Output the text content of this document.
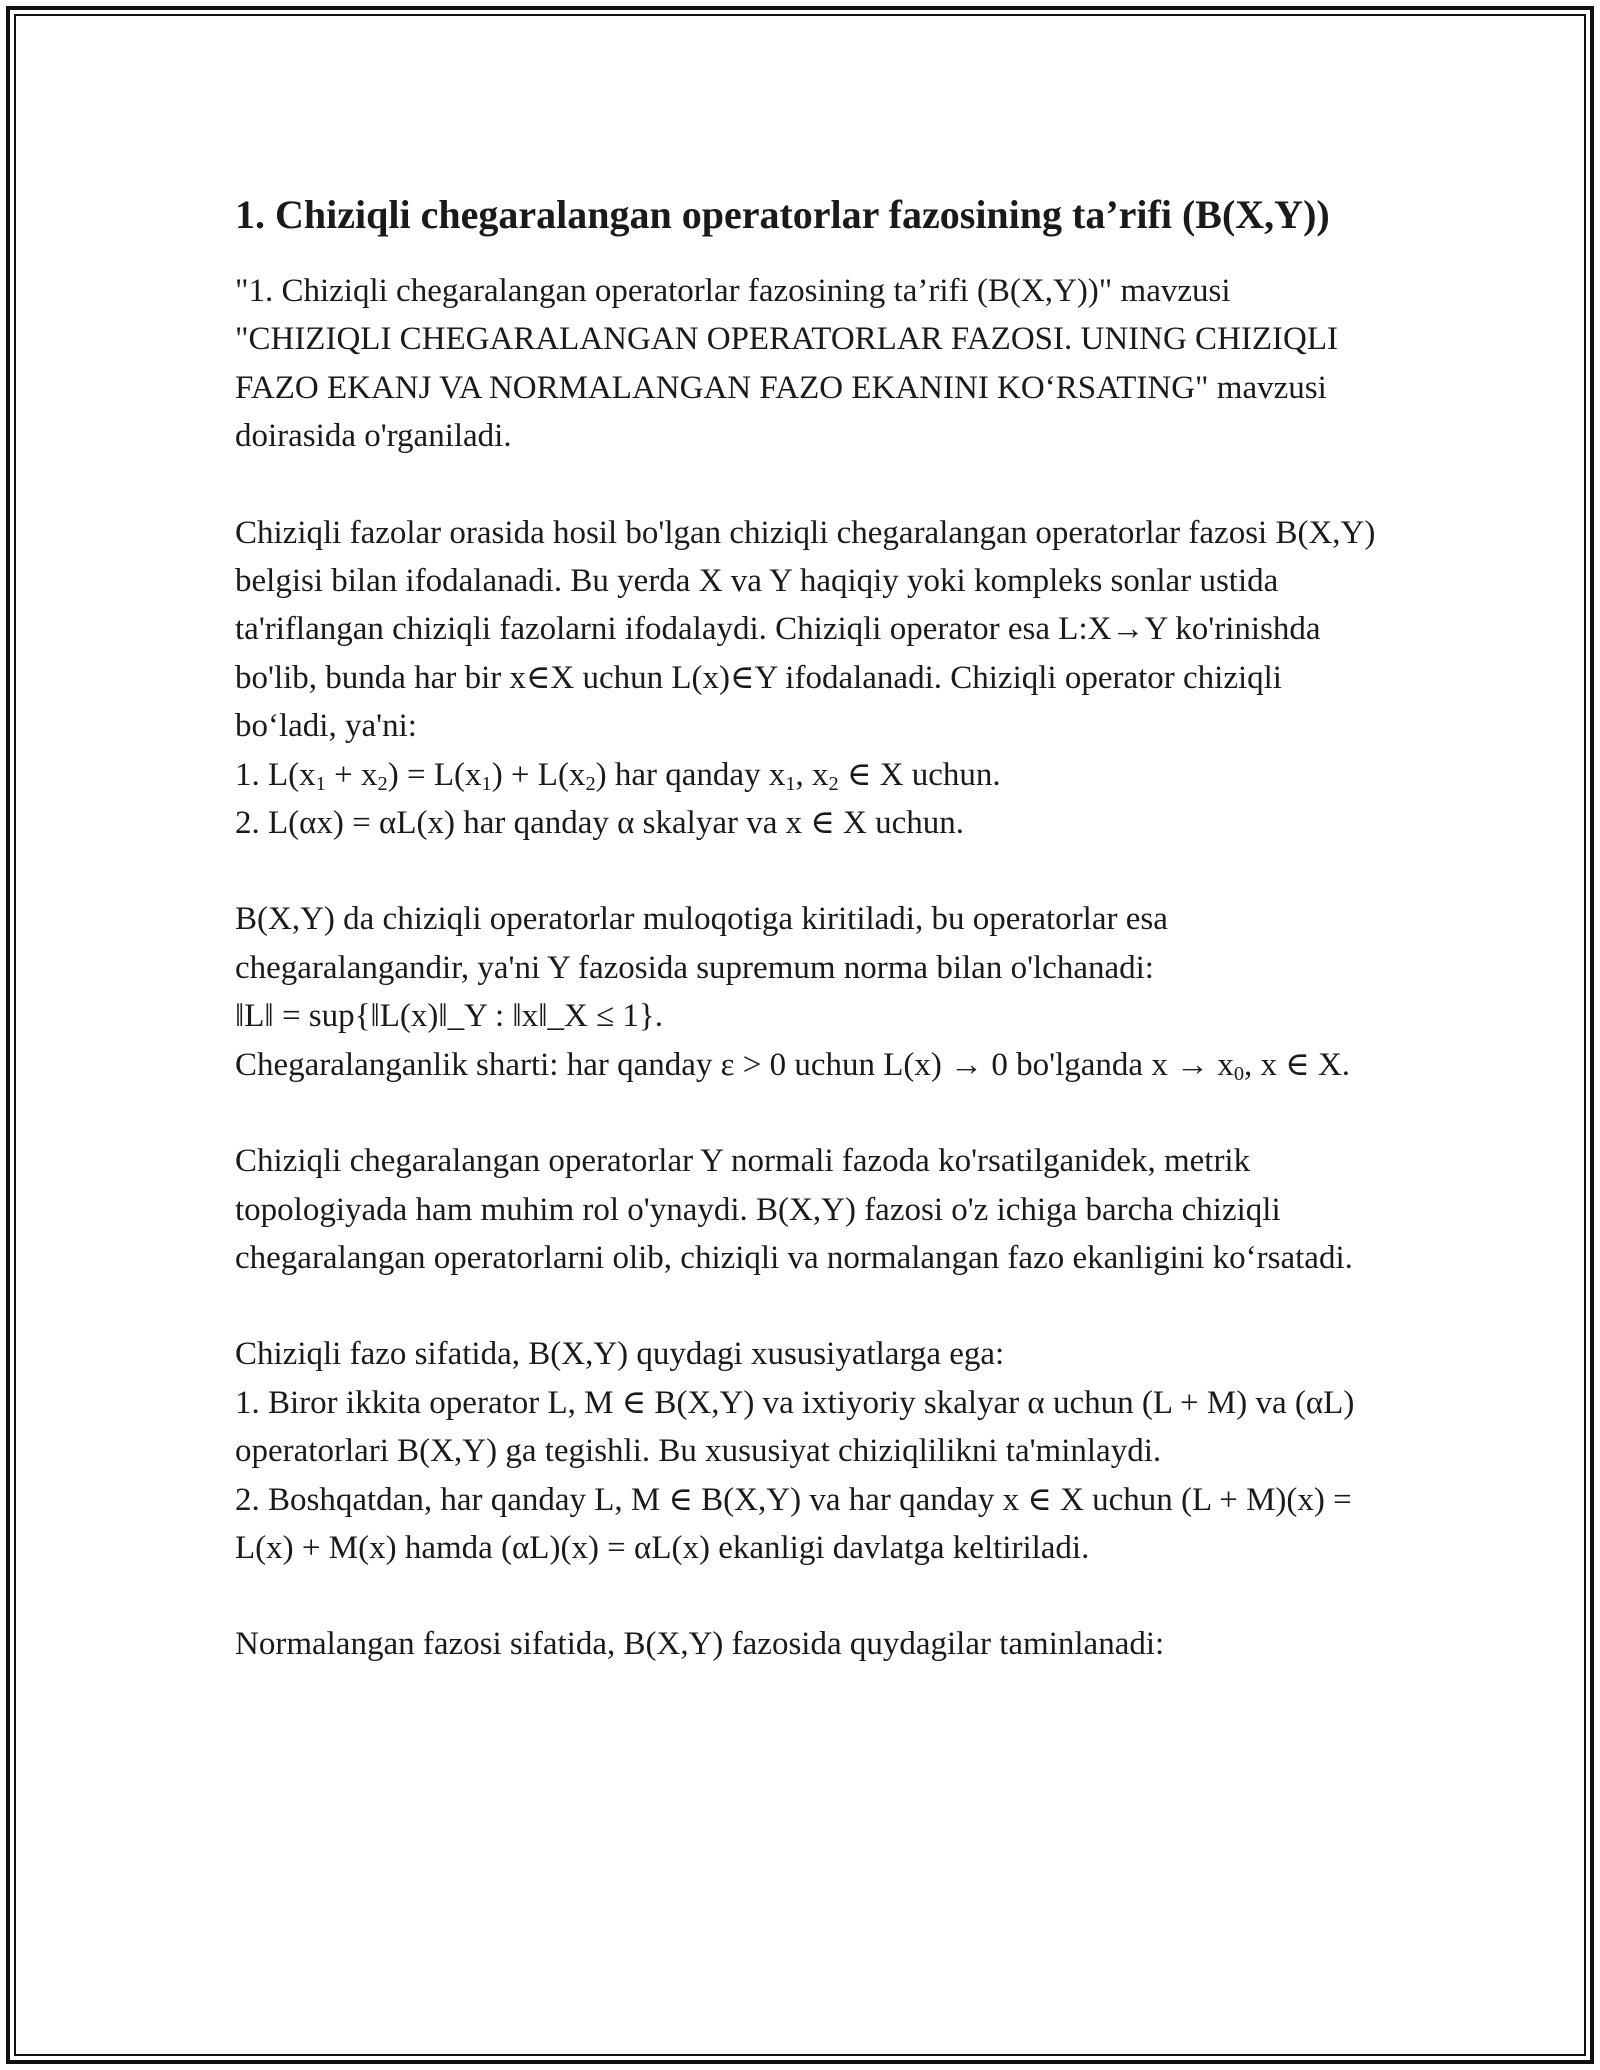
1. Chiziqli chegaralangan operatorlar fazosining ta’rifi (B(X,Y))
"1. Chiziqli chegaralangan operatorlar fazosining ta’rifi (B(X,Y))" mavzusi "CHIZIQLI CHEGARALANGAN OPERATORLAR FAZOSI. UNING CHIZIQLI FAZO EKANJ VA NORMALANGAN FAZO EKANINI KO‘RSATING" mavzusi doirasida o'rganiladi.
Chiziqli fazolar orasida hosil bo'lgan chiziqli chegaralangan operatorlar fazosi B(X,Y) belgisi bilan ifodalanadi. Bu yerda X va Y haqiqiy yoki kompleks sonlar ustida ta'riflangan chiziqli fazolarni ifodalaydi. Chiziqli operator esa L:X→Y ko'rinishda bo'lib, bunda har bir x∈X uchun L(x)∈Y ifodalanadi. Chiziqli operator chiziqli bo‘ladi, ya'ni:
1. $L(x_1 + x_2) = L(x_1) + L(x_2)$ har qanday $x_1$, $x_2$ ∈ X uchun.
2. L(αx) = αL(x) har qanday α skalyar va x ∈ X uchun.
B(X,Y) da chiziqli operatorlar muloqotiga kiritiladi, bu operatorlar esa chegaralangandir, ya'ni Y fazosida supremum norma bilan o'lchanadi:
‖L‖ = sup{‖L(x)‖_Y : ‖x‖_X ≤ 1}.
Chegaralanganlik sharti: har qanday ε > 0 uchun L(x) → 0 bo'lganda $x \to x_0$, x ∈ X.
Chiziqli chegaralangan operatorlar Y normali fazoda ko'rsatilganidek, metrik topologiyada ham muhim rol o'ynaydi. B(X,Y) fazosi o'z ichiga barcha chiziqli chegaralangan operatorlarni olib, chiziqli va normalangan fazo ekanligini ko‘rsatadi.
Chiziqli fazo sifatida, B(X,Y) quydagi xususiyatlarga ega:
1. Biror ikkita operator L, M ∈ B(X,Y) va ixtiyoriy skalyar α uchun (L + M) va (αL) operatorlari B(X,Y) ga tegishli. Bu xususiyat chiziqlilikni ta'minlaydi.
2. Boshqatdan, har qanday L, M ∈ B(X,Y) va har qanday x ∈ X uchun (L + M)(x) = L(x) + M(x) hamda (αL)(x) = αL(x) ekanligi davlatga keltiriladi.
Normalangan fazosi sifatida, B(X,Y) fazosida quydagilar taminlanadi:
